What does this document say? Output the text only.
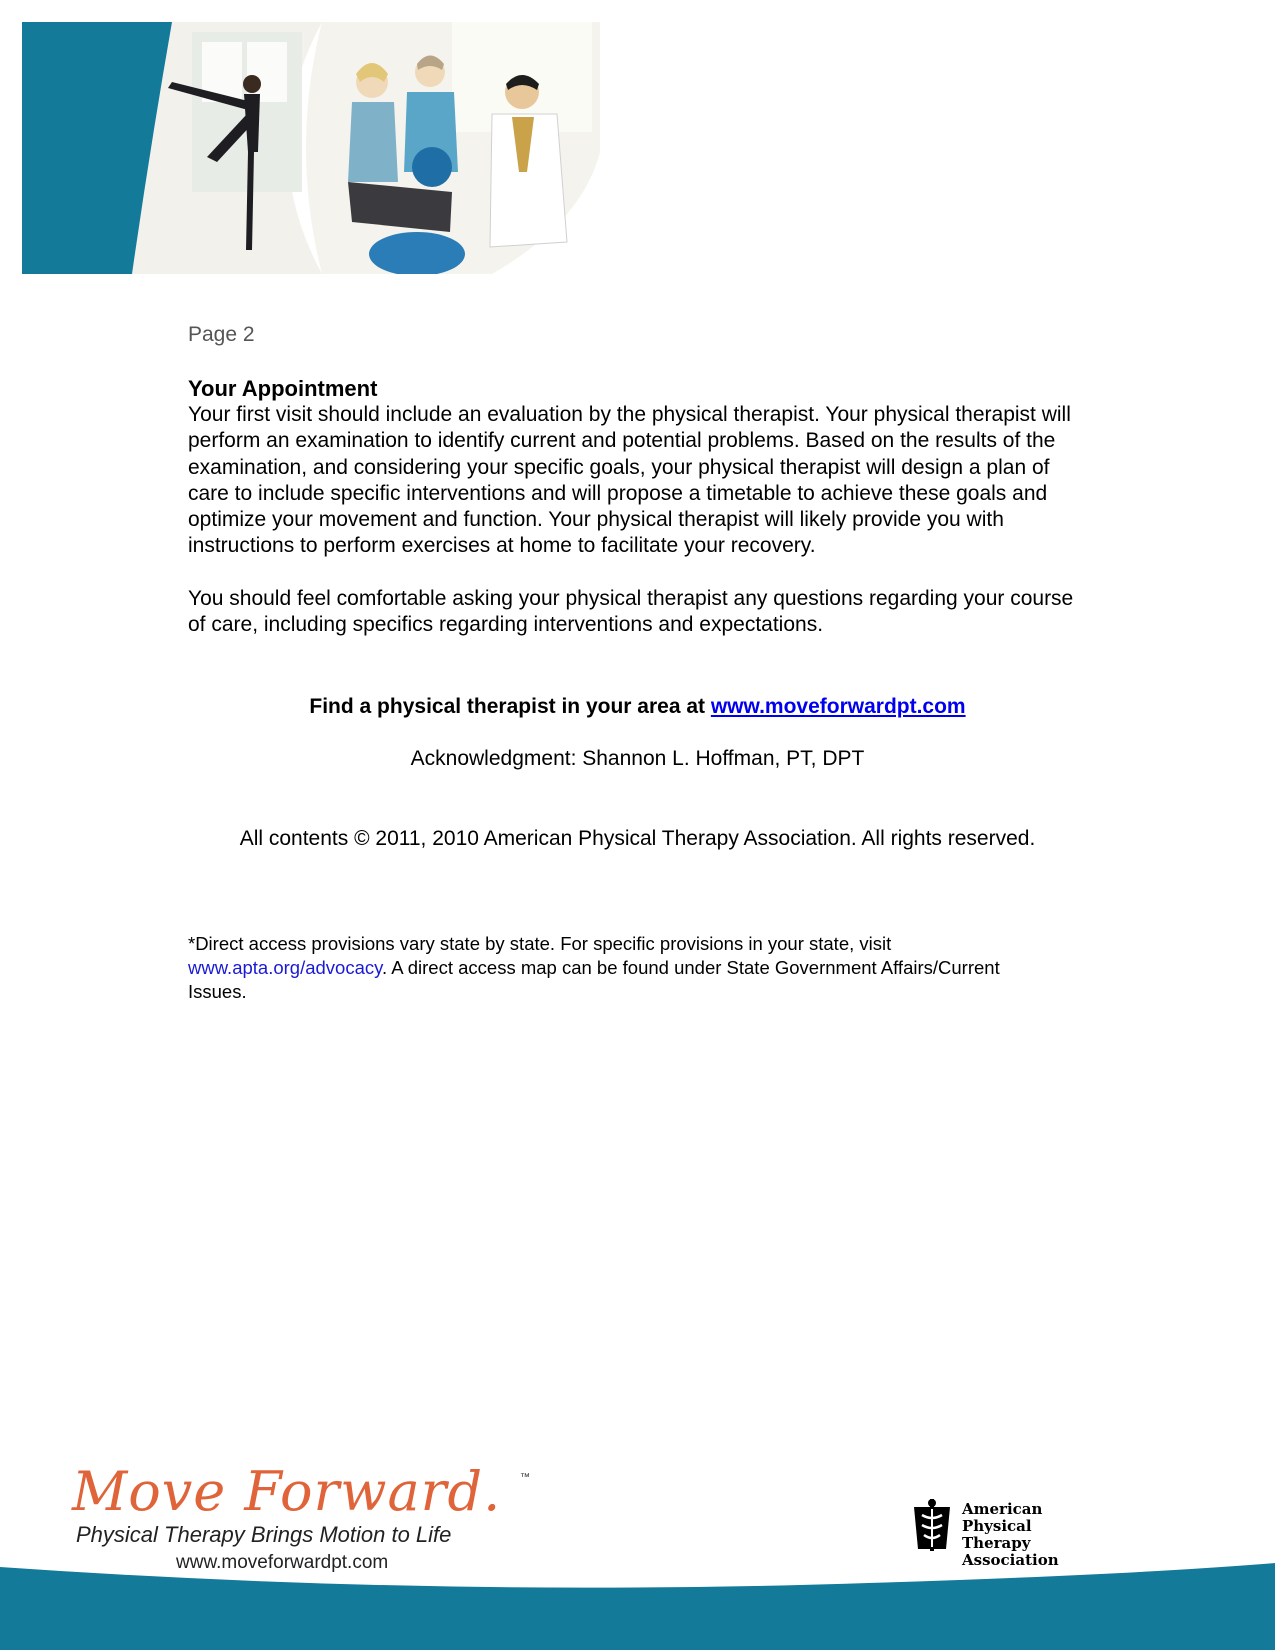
Page 2

Your Appointment

Your first visit should include an evaluation by the physical therapist. Your physical therapist will perform an examination to identify current and potential problems. Based on the results of the examination, and considering your specific goals, your physical therapist will design a plan of care to include specific interventions and will propose a timetable to achieve these goals and optimize your movement and function. Your physical therapist will likely provide you with instructions to perform exercises at home to facilitate your recovery.

You should feel comfortable asking your physical therapist any questions regarding your course of care, including specifics regarding interventions and expectations.

Find a physical therapist in your area at www.moveforwardpt.com
Acknowledgment: Shannon L. Hoffman, PT, DPT
All contents © 2011, 2010 American Physical Therapy Association. All rights reserved.
*Direct access provisions vary state by state. For specific provisions in your state, visit www.apta.org/advocacy. A direct access map can be found under State Government Affairs/Current Issues.
Move Forward. ™
Physical Therapy Brings Motion to Life
www.moveforwardpt.com
American
Physical Therapy
Association
